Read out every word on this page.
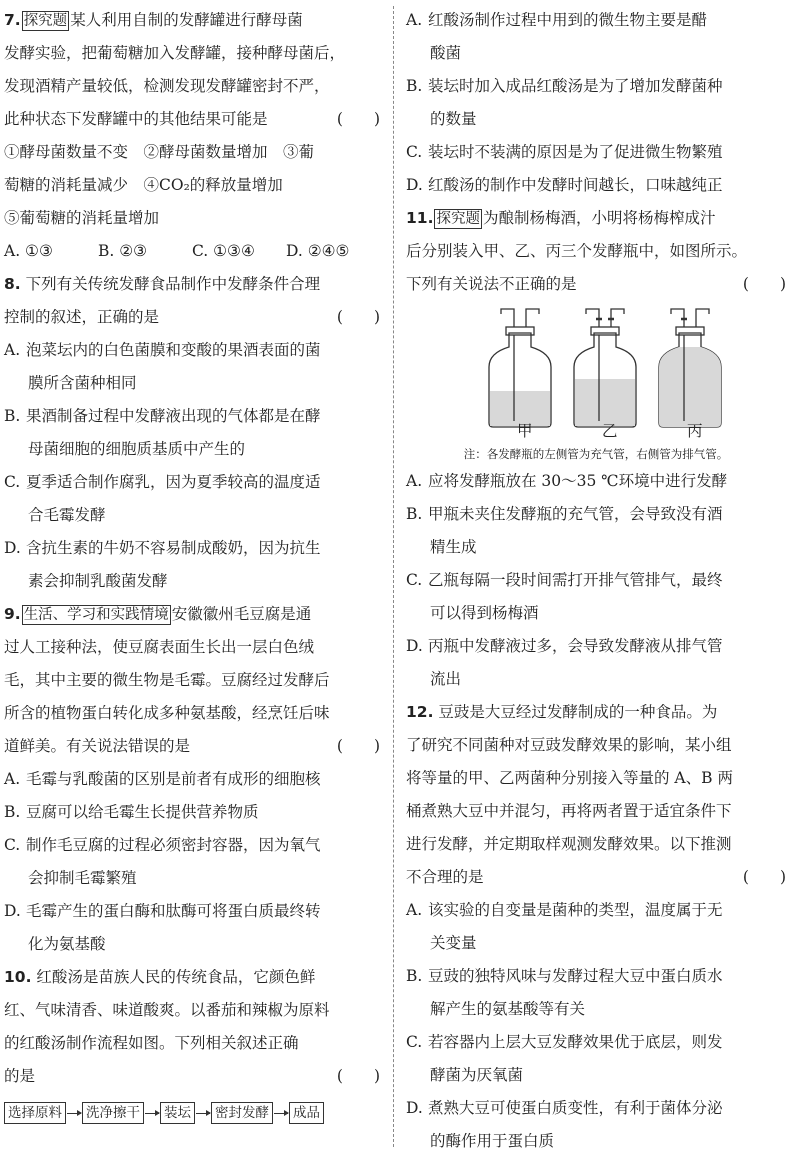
7. 探究题 某人利用自制的发酵罐进行酵母菌
发酵实验，把葡萄糖加入发酵罐，接种酵母菌后，
发现酒精产量较低，检测发现发酵罐密封不严，
此种状态下发酵罐中的其他结果可能是	(　　)
①酵母菌数量不变　②酵母菌数量增加　③葡
萄糖的消耗量减少　④CO₂的释放量增加
⑤葡萄糖的消耗量增加
A. ①③	B. ②③	C. ①③④	D. ②④⑤
8. 下列有关传统发酵食品制作中发酵条件合理
控制的叙述，正确的是	(　　)
A. 泡菜坛内的白色菌膜和变酸的果酒表面的菌
膜所含菌种相同
B. 果酒制备过程中发酵液出现的气体都是在酵
母菌细胞的细胞质基质中产生的
C. 夏季适合制作腐乳，因为夏季较高的温度适
合毛霉发酵
D. 含抗生素的牛奶不容易制成酸奶，因为抗生
素会抑制乳酸菌发酵
9. 生活、学习和实践情境 安徽徽州毛豆腐是通
过人工接种法，使豆腐表面生长出一层白色绒
毛，其中主要的微生物是毛霉。豆腐经过发酵后
所含的植物蛋白转化成多种氨基酸，经烹饪后味
道鲜美。有关说法错误的是	(　　)
A. 毛霉与乳酸菌的区别是前者有成形的细胞核
B. 豆腐可以给毛霉生长提供营养物质
C. 制作毛豆腐的过程必须密封容器，因为氧气
会抑制毛霉繁殖
D. 毛霉产生的蛋白酶和肽酶可将蛋白质最终转
化为氨基酸
10. 红酸汤是苗族人民的传统食品，它颜色鲜
红、气味清香、味道酸爽。以番茄和辣椒为原料
的红酸汤制作流程如图。下列相关叙述正确
的是	(　　)
选择原料 洗净擦干 装坛 密封发酵 成品
A. 红酸汤制作过程中用到的微生物主要是醋
酸菌
B. 装坛时加入成品红酸汤是为了增加发酵菌种
的数量
C. 装坛时不装满的原因是为了促进微生物繁殖
D. 红酸汤的制作中发酵时间越长，口味越纯正
11. 探究题 为酿制杨梅酒，小明将杨梅榨成汁
后分别装入甲、乙、丙三个发酵瓶中，如图所示。
下列有关说法不正确的是	(　　)
甲	乙	丙
注：各发酵瓶的左侧管为充气管，右侧管为排气管。
A. 应将发酵瓶放在 30～35 ℃环境中进行发酵
B. 甲瓶未夹住发酵瓶的充气管，会导致没有酒
精生成
C. 乙瓶每隔一段时间需打开排气管排气，最终
可以得到杨梅酒
D. 丙瓶中发酵液过多，会导致发酵液从排气管
流出
12. 豆豉是大豆经过发酵制成的一种食品。为
了研究不同菌种对豆豉发酵效果的影响，某小组
将等量的甲、乙两菌种分别接入等量的 A、B 两
桶煮熟大豆中并混匀，再将两者置于适宜条件下
进行发酵，并定期取样观测发酵效果。以下推测
不合理的是	(　　)
A. 该实验的自变量是菌种的类型，温度属于无
关变量
B. 豆豉的独特风味与发酵过程大豆中蛋白质水
解产生的氨基酸等有关
C. 若容器内上层大豆发酵效果优于底层，则发
酵菌为厌氧菌
D. 煮熟大豆可使蛋白质变性，有利于菌体分泌
的酶作用于蛋白质
